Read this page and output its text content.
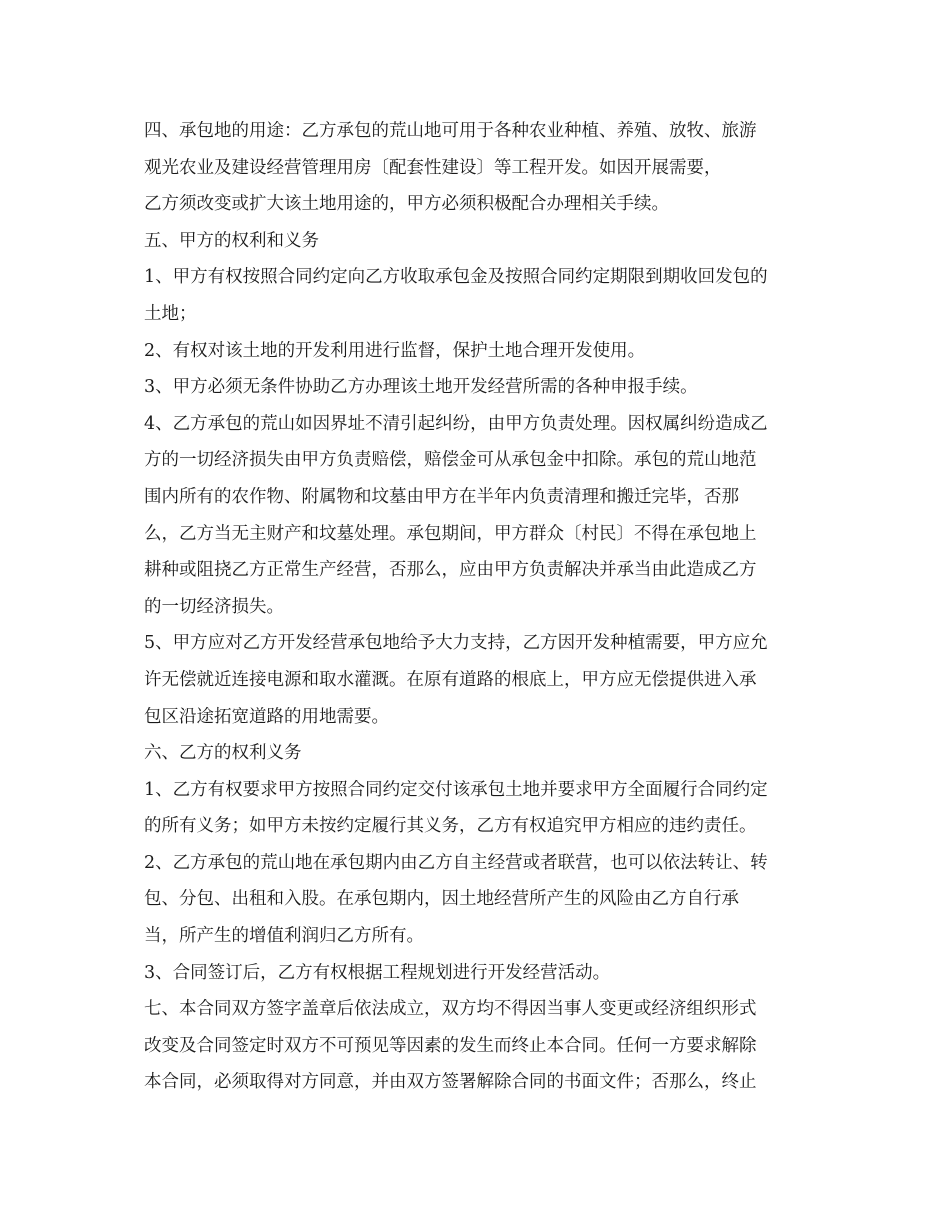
四、承包地的用途：乙方承包的荒山地可用于各种农业种植、养殖、放牧、旅游
观光农业及建设经营管理用房〔配套性建设〕等工程开发。如因开展需要，
乙方须改变或扩大该土地用途的，甲方必须积极配合办理相关手续。
五、甲方的权利和义务
1、甲方有权按照合同约定向乙方收取承包金及按照合同约定期限到期收回发包的
土地；
2、有权对该土地的开发利用进行监督，保护土地合理开发使用。
3、甲方必须无条件协助乙方办理该土地开发经营所需的各种申报手续。
4、乙方承包的荒山如因界址不清引起纠纷，由甲方负责处理。因权属纠纷造成乙
方的一切经济损失由甲方负责赔偿，赔偿金可从承包金中扣除。承包的荒山地范
围内所有的农作物、附属物和坟墓由甲方在半年内负责清理和搬迁完毕，否那
么，乙方当无主财产和坟墓处理。承包期间，甲方群众〔村民〕不得在承包地上
耕种或阻挠乙方正常生产经营，否那么，应由甲方负责解决并承当由此造成乙方
的一切经济损失。
5、甲方应对乙方开发经营承包地给予大力支持，乙方因开发种植需要，甲方应允
许无偿就近连接电源和取水灌溉。在原有道路的根底上，甲方应无偿提供进入承
包区沿途拓宽道路的用地需要。
六、乙方的权利义务
1、乙方有权要求甲方按照合同约定交付该承包土地并要求甲方全面履行合同约定
的所有义务；如甲方未按约定履行其义务，乙方有权追究甲方相应的违约责任。
2、乙方承包的荒山地在承包期内由乙方自主经营或者联营，也可以依法转让、转
包、分包、出租和入股。在承包期内，因土地经营所产生的风险由乙方自行承
当，所产生的增值利润归乙方所有。
3、合同签订后，乙方有权根据工程规划进行开发经营活动。
七、本合同双方签字盖章后依法成立，双方均不得因当事人变更或经济组织形式
改变及合同签定时双方不可预见等因素的发生而终止本合同。任何一方要求解除
本合同，必须取得对方同意，并由双方签署解除合同的书面文件；否那么，终止
